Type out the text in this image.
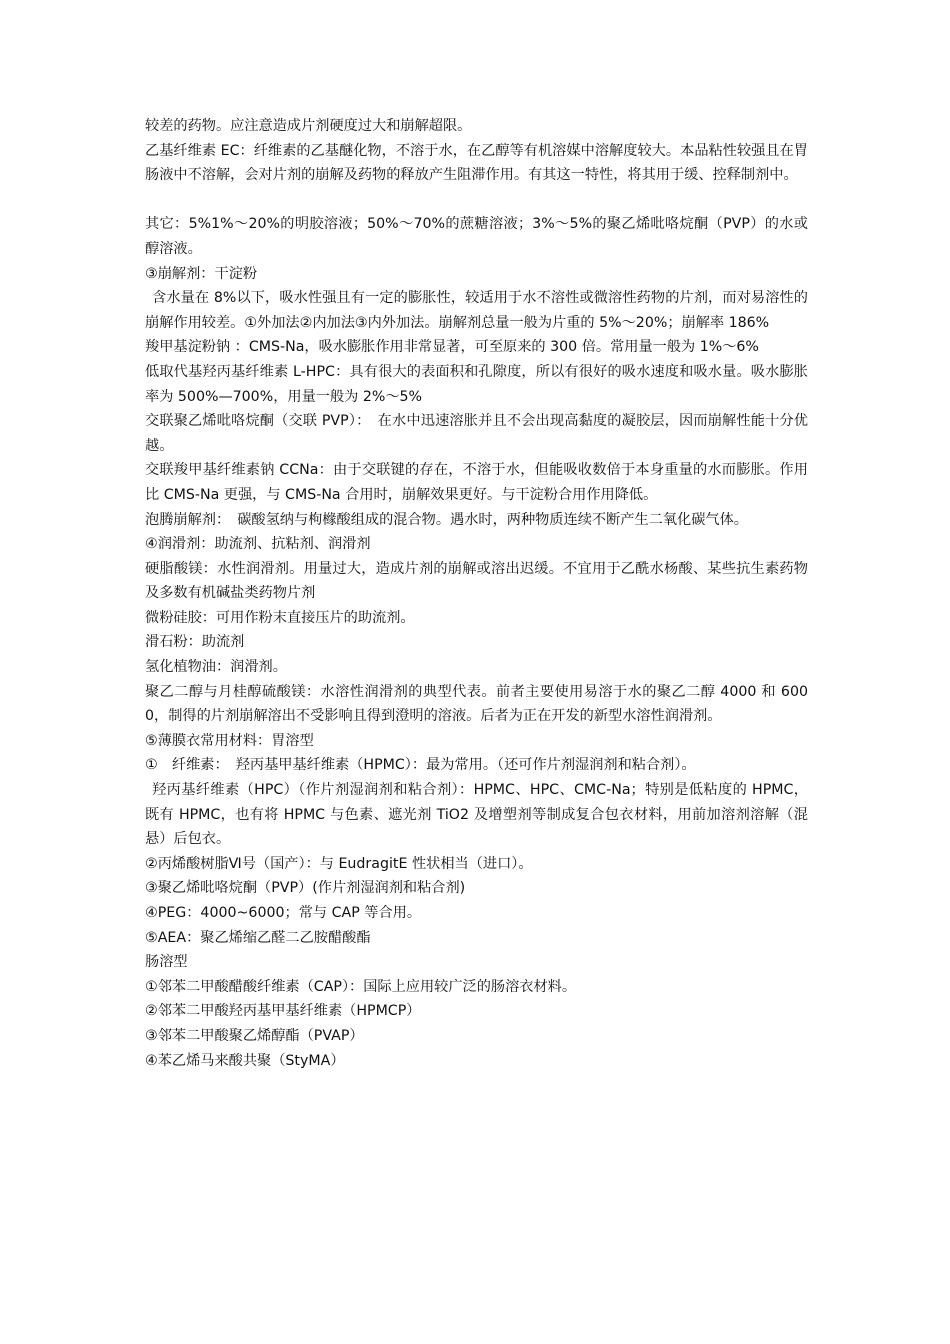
较差的药物。应注意造成片剂硬度过大和崩解超限。

乙基纤维素 EC：纤维素的乙基醚化物，不溶于水，在乙醇等有机溶媒中溶解度较大。本品粘性较强且在胃肠液中不溶解，会对片剂的崩解及药物的释放产生阻滞作用。有其这一特性，将其用于缓、控释制剂中。

其它：5%1%～20%的明胶溶液；50%～70%的蔗糖溶液；3%～5%的聚乙烯吡咯烷酮（PVP）的水或醇溶液。

③崩解剂：干淀粉

含水量在 8%以下，吸水性强且有一定的膨胀性，较适用于水不溶性或微溶性药物的片剂，而对易溶性的崩解作用较差。①外加法②内加法③内外加法。崩解剂总量一般为片重的 5%～20%；崩解率 186%

羧甲基淀粉钠 ：CMS-Na，吸水膨胀作用非常显著，可至原来的 300 倍。常用量一般为 1%～6%

低取代基羟丙基纤维素 L-HPC：具有很大的表面积和孔隙度，所以有很好的吸水速度和吸水量。吸水膨胀率为 500%—700%，用量一般为 2%～5%

交联聚乙烯吡咯烷酮（交联 PVP）：　在水中迅速溶胀并且不会出现高黏度的凝胶层，因而崩解性能十分优越。

交联羧甲基纤维素钠 CCNa：由于交联键的存在，不溶于水，但能吸收数倍于本身重量的水而膨胀。作用比 CMS-Na 更强，与 CMS-Na 合用时，崩解效果更好。与干淀粉合用作用降低。

泡腾崩解剂：　碳酸氢纳与枸橼酸组成的混合物。遇水时，两种物质连续不断产生二氧化碳气体。

④润滑剂：助流剂、抗粘剂、润滑剂

硬脂酸镁：水性润滑剂。用量过大，造成片剂的崩解或溶出迟缓。不宜用于乙酰水杨酸、某些抗生素药物及多数有机碱盐类药物片剂

微粉硅胶：可用作粉末直接压片的助流剂。

滑石粉：助流剂

氢化植物油：润滑剂。

聚乙二醇与月桂醇硫酸镁：水溶性润滑剂的典型代表。前者主要使用易溶于水的聚乙二醇 4000 和 6000，制得的片剂崩解溶出不受影响且得到澄明的溶液。后者为正在开发的新型水溶性润滑剂。

⑤薄膜衣常用材料：胃溶型

①　纤维素：　羟丙基甲基纤维素（HPMC）：最为常用。（还可作片剂湿润剂和粘合剂）。

羟丙基纤维素（HPC）（作片剂湿润剂和粘合剂）：HPMC、HPC、CMC-Na；特别是低粘度的 HPMC，既有 HPMC，也有将 HPMC 与色素、遮光剂 TiO2 及增塑剂等制成复合包衣材料，用前加溶剂溶解（混悬）后包衣。

②丙烯酸树脂Ⅵ号（国产）：与 EudragitE 性状相当（进口）。

③聚乙烯吡咯烷酮（PVP）(作片剂湿润剂和粘合剂)

④PEG：4000~6000；常与 CAP 等合用。

⑤AEA：聚乙烯缩乙醛二乙胺醋酸酯

肠溶型

①邻苯二甲酸醋酸纤维素（CAP）：国际上应用较广泛的肠溶衣材料。

②邻苯二甲酸羟丙基甲基纤维素（HPMCP）

③邻苯二甲酸聚乙烯醇酯（PVAP）

④苯乙烯马来酸共聚（StyMA）
